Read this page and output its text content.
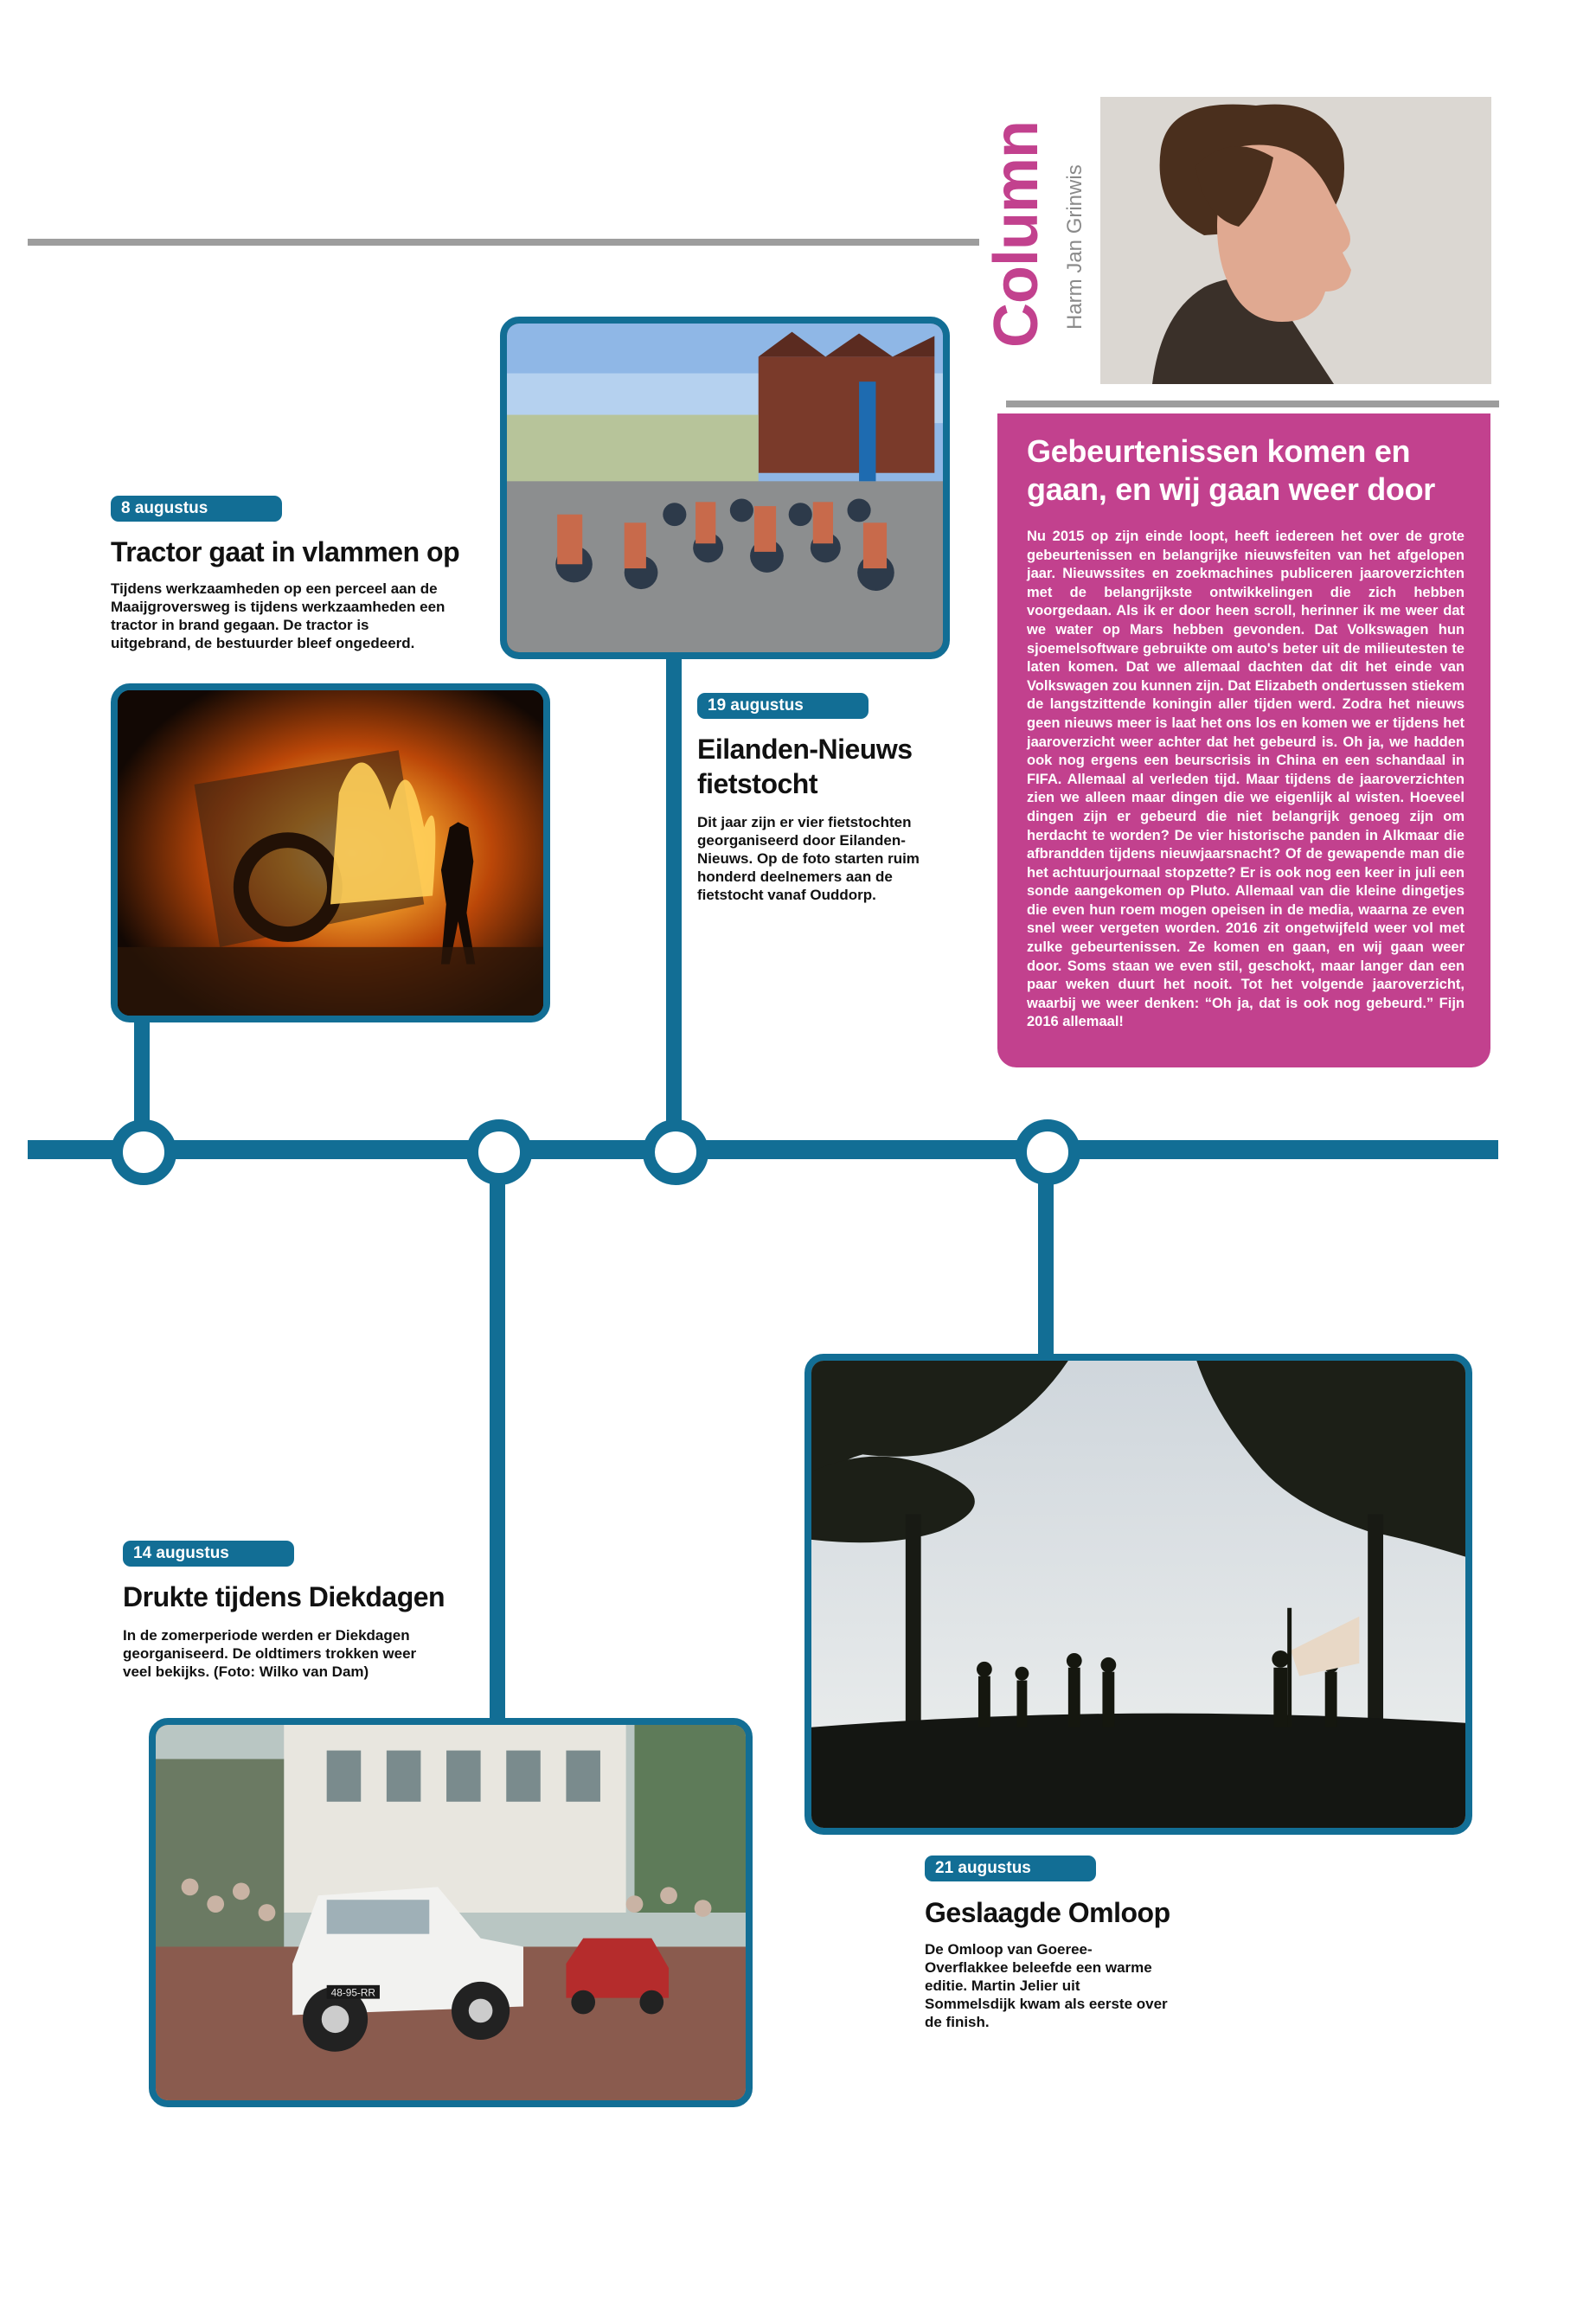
8 augustus
Tractor gaat in vlammen op
Tijdens werkzaamheden op een perceel aan de Maaijgroversweg is tijdens werkzaamheden een tractor in brand gegaan. De tractor is uitgebrand, de bestuurder bleef ongedeerd.
19 augustus
Eilanden-Nieuws fietstocht
Dit jaar zijn er vier fietstochten georganiseerd door Eilanden-Nieuws. Op de foto starten ruim honderd deelnemers aan de fietstocht vanaf Ouddorp.
Column Harm Jan Grinwis
Gebeurtenissen komen en gaan, en wij gaan weer door
Nu 2015 op zijn einde loopt, heeft iedereen het over de grote gebeurtenissen en belangrijke nieuwsfeiten van het afgelopen jaar. Nieuwssites en zoekmachines publiceren jaaroverzichten met de belangrijkste ontwikkelingen die zich hebben voorgedaan. Als ik er door heen scroll, herinner ik me weer dat we water op Mars hebben gevonden. Dat Volkswagen hun sjoemelsoftware gebruikte om auto's beter uit de milieutesten te laten komen. Dat we allemaal dachten dat dit het einde van Volkswagen zou kunnen zijn. Dat Elizabeth ondertussen stiekem de langstzittende koningin aller tijden werd. Zodra het nieuws geen nieuws meer is laat het ons los en komen we er tijdens het jaaroverzicht weer achter dat het gebeurd is. Oh ja, we hadden ook nog ergens een beurscrisis in China en een schandaal in FIFA. Allemaal al verleden tijd. Maar tijdens de jaaroverzichten zien we alleen maar dingen die we eigenlijk al wisten. Hoeveel dingen zijn er gebeurd die niet belangrijk genoeg zijn om herdacht te worden? De vier historische panden in Alkmaar die afbrandden tijdens nieuwjaarsnacht? Of de gewapende man die het achtuurjournaal stopzette? Er is ook nog een keer in juli een sonde aangekomen op Pluto. Allemaal van die kleine dingetjes die even hun roem mogen opeisen in de media, waarna ze even snel weer vergeten worden. 2016 zit ongetwijfeld weer vol met zulke gebeurtenissen. Ze komen en gaan, en wij gaan weer door. Soms staan we even stil, geschokt, maar langer dan een paar weken duurt het nooit. Tot het volgende jaaroverzicht, waarbij we weer denken: “Oh ja, dat is ook nog gebeurd.” Fijn 2016 allemaal!
14 augustus
Drukte tijdens Diekdagen
In de zomerperiode werden er Diekdagen georganiseerd. De oldtimers trokken weer veel bekijks. (Foto: Wilko van Dam)
48-95-RR
21 augustus
Geslaagde Omloop
De Omloop van Goeree-Overflakkee beleefde een warme editie. Martin Jelier uit Sommelsdijk kwam als eerste over de finish.
